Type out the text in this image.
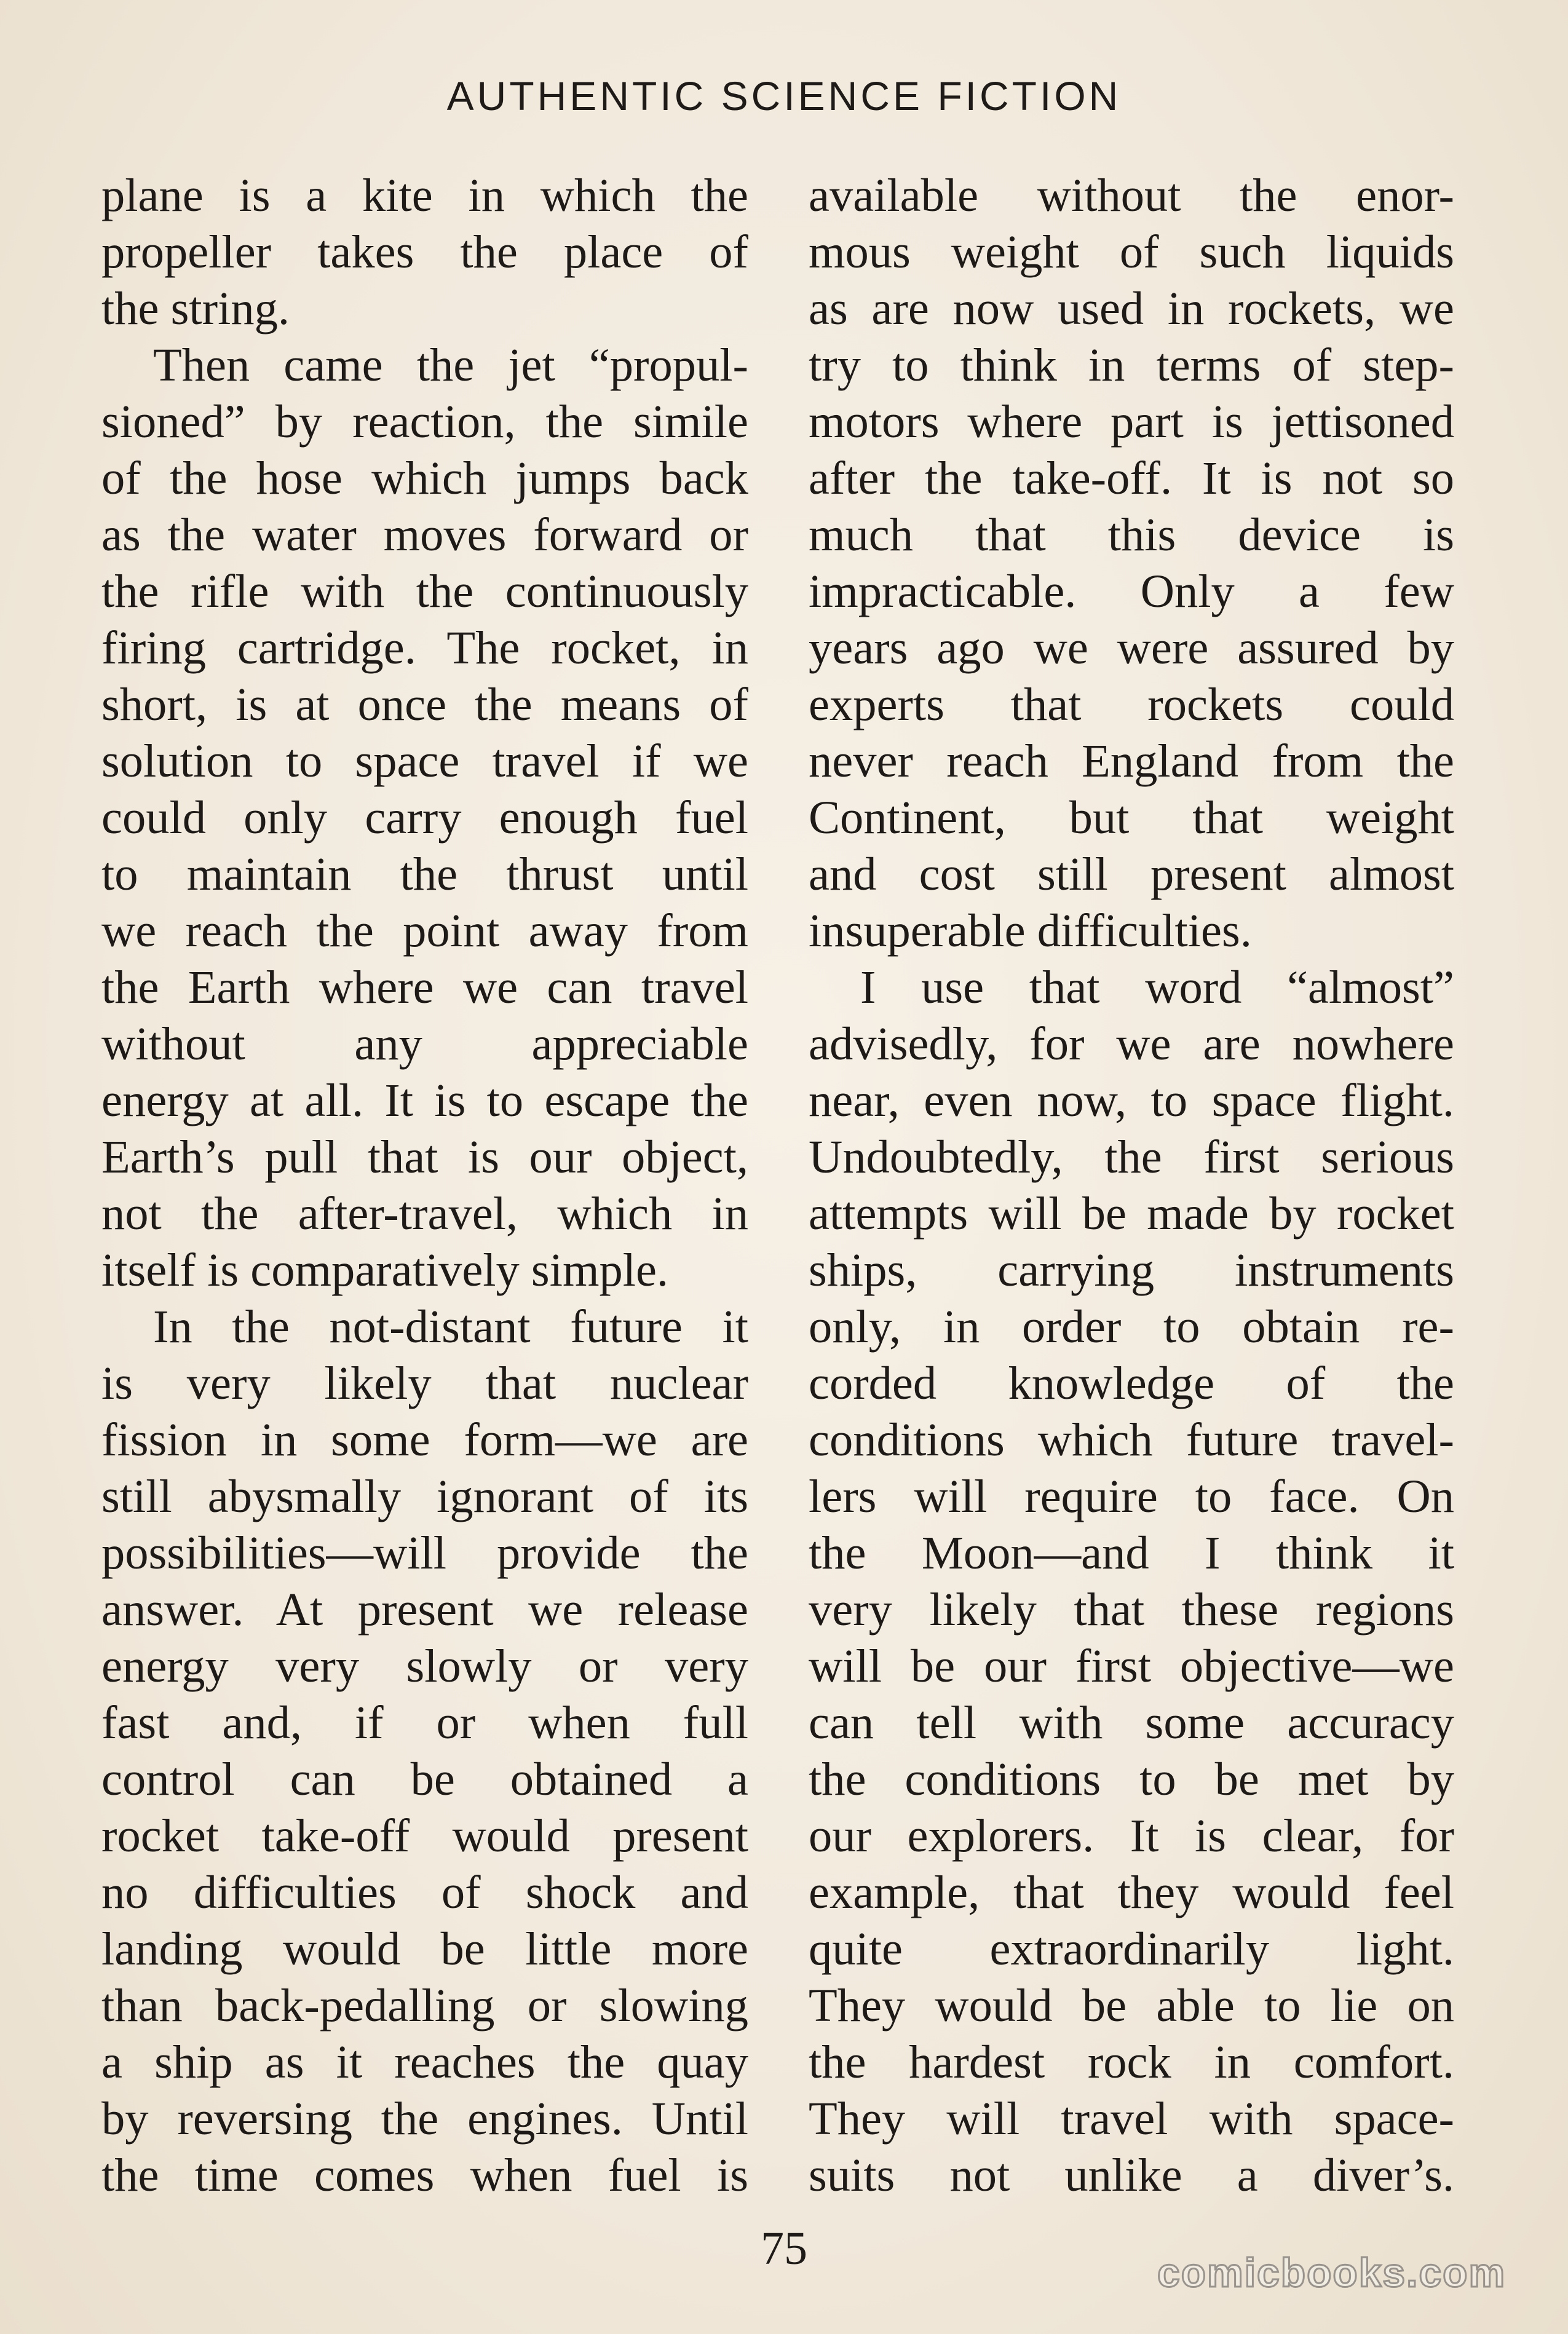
AUTHENTIC SCIENCE FICTION
plane is a kite in which the
propeller takes the place of
the string.
Then came the jet “propul-
sioned” by reaction, the simile
of the hose which jumps back
as the water moves forward or
the rifle with the continuously
firing cartridge. The rocket, in
short, is at once the means of
solution to space travel if we
could only carry enough fuel
to maintain the thrust until
we reach the point away from
the Earth where we can travel
without any appreciable
energy at all. It is to escape the
Earth’s pull that is our object,
not the after-travel, which in
itself is comparatively simple.
In the not-distant future it
is very likely that nuclear
fission in some form—we are
still abysmally ignorant of its
possibilities—will provide the
answer. At present we release
energy very slowly or very
fast and, if or when full
control can be obtained a
rocket take-off would present
no difficulties of shock and
landing would be little more
than back-pedalling or slowing
a ship as it reaches the quay
by reversing the engines. Until
the time comes when fuel is
available without the enor-
mous weight of such liquids
as are now used in rockets, we
try to think in terms of step-
motors where part is jettisoned
after the take-off. It is not so
much that this device is
impracticable. Only a few
years ago we were assured by
experts that rockets could
never reach England from the
Continent, but that weight
and cost still present almost
insuperable difficulties.
I use that word “almost”
advisedly, for we are nowhere
near, even now, to space flight.
Undoubtedly, the first serious
attempts will be made by rocket
ships, carrying instruments
only, in order to obtain re-
corded knowledge of the
conditions which future travel-
lers will require to face. On
the Moon—and I think it
very likely that these regions
will be our first objective—we
can tell with some accuracy
the conditions to be met by
our explorers. It is clear, for
example, that they would feel
quite extraordinarily light.
They would be able to lie on
the hardest rock in comfort.
They will travel with space-
suits not unlike a diver’s.
75	comicbooks.com
